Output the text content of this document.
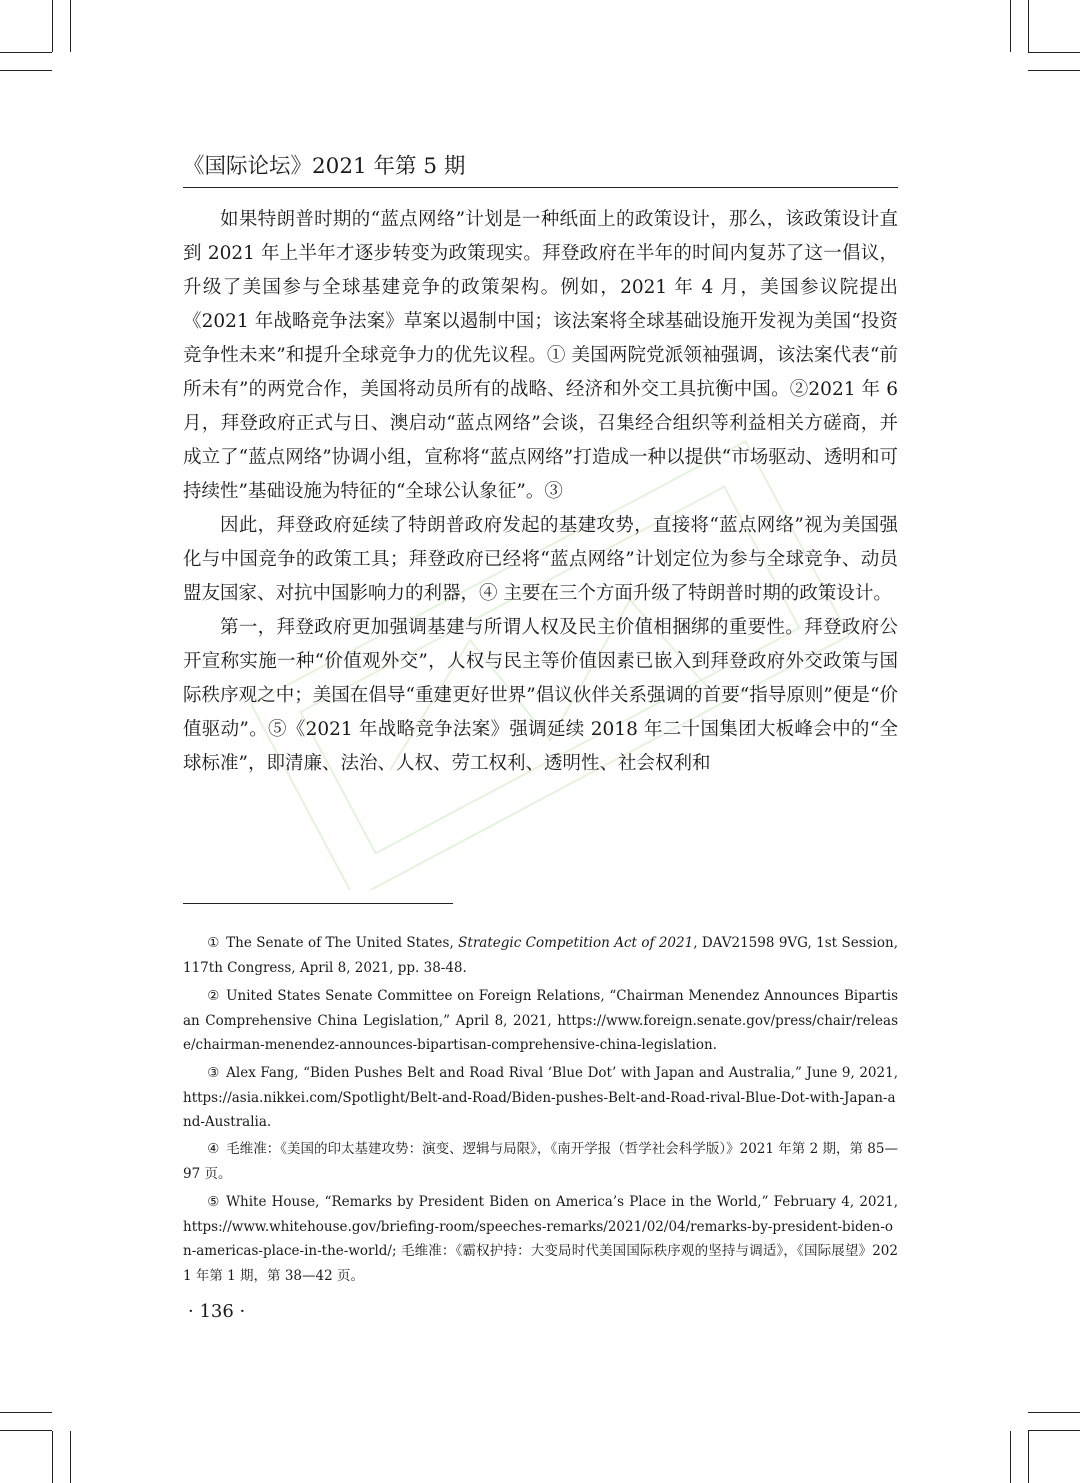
《国际论坛》2021 年第 5 期

如果特朗普时期的“蓝点网络”计划是一种纸面上的政策设计，那么，该政策设计直到 2021 年上半年才逐步转变为政策现实。拜登政府在半年的时间内复苏了这一倡议，升级了美国参与全球基建竞争的政策架构。例如，2021 年 4 月，美国参议院提出《2021 年战略竞争法案》草案以遏制中国；该法案将全球基础设施开发视为美国“投资竞争性未来”和提升全球竞争力的优先议程。① 美国两院党派领袖强调，该法案代表“前所未有”的两党合作，美国将动员所有的战略、经济和外交工具抗衡中国。②2021 年 6 月，拜登政府正式与日、澳启动“蓝点网络”会谈，召集经合组织等利益相关方磋商，并成立了“蓝点网络”协调小组，宣称将“蓝点网络”打造成一种以提供“市场驱动、透明和可持续性”基础设施为特征的“全球公认象征”。③

因此，拜登政府延续了特朗普政府发起的基建攻势，直接将“蓝点网络”视为美国强化与中国竞争的政策工具；拜登政府已经将“蓝点网络”计划定位为参与全球竞争、动员盟友国家、对抗中国影响力的利器，④ 主要在三个方面升级了特朗普时期的政策设计。

第一，拜登政府更加强调基建与所谓人权及民主价值相捆绑的重要性。拜登政府公开宣称实施一种“价值观外交”，人权与民主等价值因素已嵌入到拜登政府外交政策与国际秩序观之中；美国在倡导“重建更好世界”倡议伙伴关系强调的首要“指导原则”便是“价值驱动”。⑤《2021 年战略竞争法案》强调延续 2018 年二十国集团大板峰会中的“全球标准”，即清廉、法治、人权、劳工权利、透明性、社会权利和

① The Senate of The United States, Strategic Competition Act of 2021, DAV21598 9VG, 1st Session, 117th Congress, April 8, 2021, pp. 38-48.
② United States Senate Committee on Foreign Relations, “Chairman Menendez Announces Bipartisan Comprehensive China Legislation,” April 8, 2021, https://www.foreign.senate.gov/press/chair/release/chairman-menendez-announces-bipartisan-comprehensive-china-legislation.
③ Alex Fang, “Biden Pushes Belt and Road Rival ‘Blue Dot’ with Japan and Australia,” June 9, 2021, https://asia.nikkei.com/Spotlight/Belt-and-Road/Biden-pushes-Belt-and-Road-rival-Blue-Dot-with-Japan-and-Australia.
④ 毛维准：《美国的印太基建攻势：演变、逻辑与局限》，《南开学报（哲学社会科学版）》2021 年第 2 期，第 85—97 页。
⑤ White House, “Remarks by President Biden on America’s Place in the World,” February 4, 2021, https://www.whitehouse.gov/briefing-room/speeches-remarks/2021/02/04/remarks-by-president-biden-on-americas-place-in-the-world/; 毛维准：《霸权护持：大变局时代美国国际秩序观的坚持与调适》，《国际展望》2021 年第 1 期，第 38—42 页。
· 136 ·
